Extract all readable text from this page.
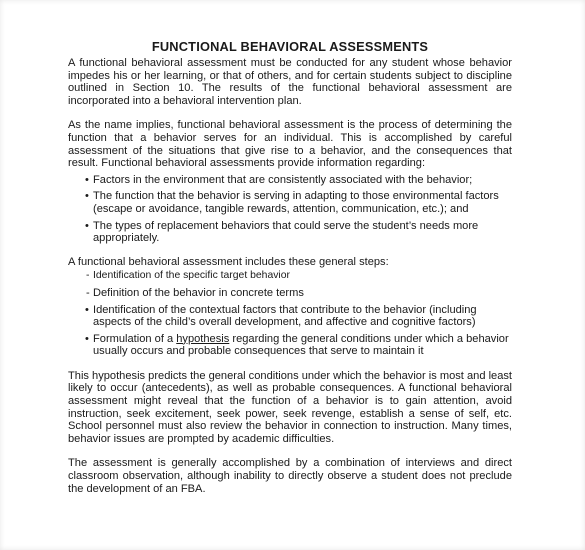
FUNCTIONAL BEHAVIORAL ASSESSMENTS

A functional behavioral assessment must be conducted for any student whose behavior impedes his or her learning, or that of others, and for certain students subject to discipline outlined in Section 10. The results of the functional behavioral assessment are incorporated into a behavioral intervention plan.

As the name implies, functional behavioral assessment is the process of determining the function that a behavior serves for an individual. This is accomplished by careful assessment of the situations that give rise to a behavior, and the consequences that result. Functional behavioral assessments provide information regarding:

• Factors in the environment that are consistently associated with the behavior;
• The function that the behavior is serving in adapting to those environmental factors (escape or avoidance, tangible rewards, attention, communication, etc.); and
• The types of replacement behaviors that could serve the student’s needs more appropriately.

A functional behavioral assessment includes these general steps:

- Identification of the specific target behavior
- Definition of the behavior in concrete terms
• Identification of the contextual factors that contribute to the behavior (including aspects of the child’s overall development, and affective and cognitive factors)
• Formulation of a hypothesis regarding the general conditions under which a behavior usually occurs and probable consequences that serve to maintain it

This hypothesis predicts the general conditions under which the behavior is most and least likely to occur (antecedents), as well as probable consequences. A functional behavioral assessment might reveal that the function of a behavior is to gain attention, avoid instruction, seek excitement, seek power, seek revenge, establish a sense of self, etc. School personnel must also review the behavior in connection to instruction. Many times, behavior issues are prompted by academic difficulties.

The assessment is generally accomplished by a combination of interviews and direct classroom observation, although inability to directly observe a student does not preclude the development of an FBA.
